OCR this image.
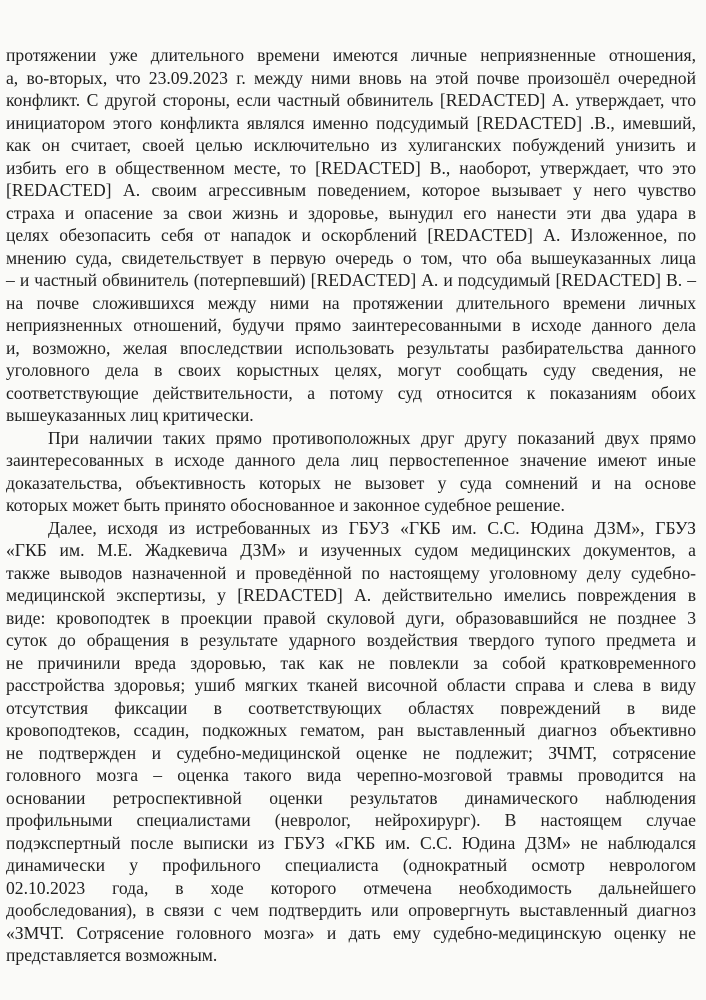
протяжении уже длительного времени имеются личные неприязненные отношения,
а, во-вторых, что 23.09.2023 г. между ними вновь на этой почве произошёл очередной
конфликт. С другой стороны, если частный обвинитель [REDACTED] А. утверждает, что
инициатором этого конфликта являлся именно подсудимый [REDACTED] .В., имевший,
как он считает, своей целью исключительно из хулиганских побуждений унизить и
избить его в общественном месте, то [REDACTED] В., наоборот, утверждает, что это
[REDACTED] А. своим агрессивным поведением, которое вызывает у него чувство
страха и опасение за свои жизнь и здоровье, вынудил его нанести эти два удара в
целях обезопасить себя от нападок и оскорблений [REDACTED] А. Изложенное, по
мнению суда, свидетельствует в первую очередь о том, что оба вышеуказанных лица
– и частный обвинитель (потерпевший) [REDACTED] А. и подсудимый [REDACTED] В. –
на почве сложившихся между ними на протяжении длительного времени личных
неприязненных отношений, будучи прямо заинтересованными в исходе данного дела
и, возможно, желая впоследствии использовать результаты разбирательства данного
уголовного дела в своих корыстных целях, могут сообщать суду сведения, не
соответствующие действительности, а потому суд относится к показаниям обоих
вышеуказанных лиц критически.
При наличии таких прямо противоположных друг другу показаний двух прямо
заинтересованных в исходе данного дела лиц первостепенное значение имеют иные
доказательства, объективность которых не вызовет у суда сомнений и на основе
которых может быть принято обоснованное и законное судебное решение.
Далее, исходя из истребованных из ГБУЗ «ГКБ им. С.С. Юдина ДЗМ», ГБУЗ
«ГКБ им. М.Е. Жадкевича ДЗМ» и изученных судом медицинских документов, а
также выводов назначенной и проведённой по настоящему уголовному делу судебно-
медицинской экспертизы, у [REDACTED] А. действительно имелись повреждения в
виде: кровоподтек в проекции правой скуловой дуги, образовавшийся не позднее 3
суток до обращения в результате ударного воздействия твердого тупого предмета и
не причинили вреда здоровью, так как не повлекли за собой кратковременного
расстройства здоровья; ушиб мягких тканей височной области справа и слева в виду
отсутствия фиксации в соответствующих областях повреждений в виде
кровоподтеков, ссадин, подкожных гематом, ран выставленный диагноз объективно
не подтвержден и судебно-медицинской оценке не подлежит; ЗЧМТ, сотрясение
головного мозга – оценка такого вида черепно-мозговой травмы проводится на
основании ретроспективной оценки результатов динамического наблюдения
профильными специалистами (невролог, нейрохирург). В настоящем случае
подэкспертный после выписки из ГБУЗ «ГКБ им. С.С. Юдина ДЗМ» не наблюдался
динамически у профильного специалиста (однократный осмотр неврологом
02.10.2023 года, в ходе которого отмечена необходимость дальнейшего
дообследования), в связи с чем подтвердить или опровергнуть выставленный диагноз
«ЗМЧТ. Сотрясение головного мозга» и дать ему судебно-медицинскую оценку не
представляется возможным.
